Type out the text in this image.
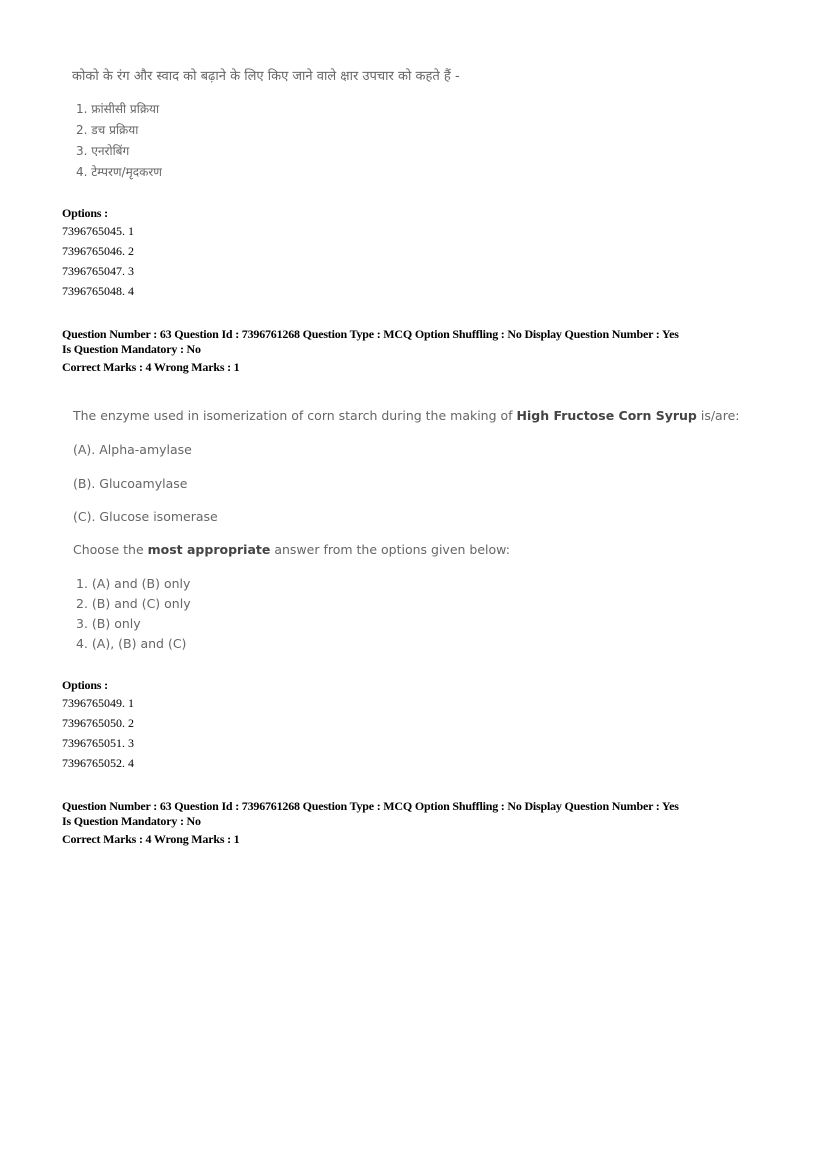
कोको के रंग और स्वाद को बढ़ाने के लिए किए जाने वाले क्षार उपचार को कहते हैं -
1. फ्रांसीसी प्रक्रिया
2. डच प्रक्रिया
3. एनरोबिंग
4. टेम्परण/मृदकरण
Options :
7396765045. 1
7396765046. 2
7396765047. 3
7396765048. 4
Question Number : 63 Question Id : 7396761268 Question Type : MCQ Option Shuffling : No Display Question Number : Yes
Is Question Mandatory : No
Correct Marks : 4 Wrong Marks : 1
The enzyme used in isomerization of corn starch during the making of High Fructose Corn Syrup is/are:
(A). Alpha-amylase
(B). Glucoamylase
(C). Glucose isomerase
Choose the most appropriate answer from the options given below:
1. (A) and (B) only
2. (B) and (C) only
3. (B) only
4. (A), (B) and (C)
Options :
7396765049. 1
7396765050. 2
7396765051. 3
7396765052. 4
Question Number : 63 Question Id : 7396761268 Question Type : MCQ Option Shuffling : No Display Question Number : Yes
Is Question Mandatory : No
Correct Marks : 4 Wrong Marks : 1
